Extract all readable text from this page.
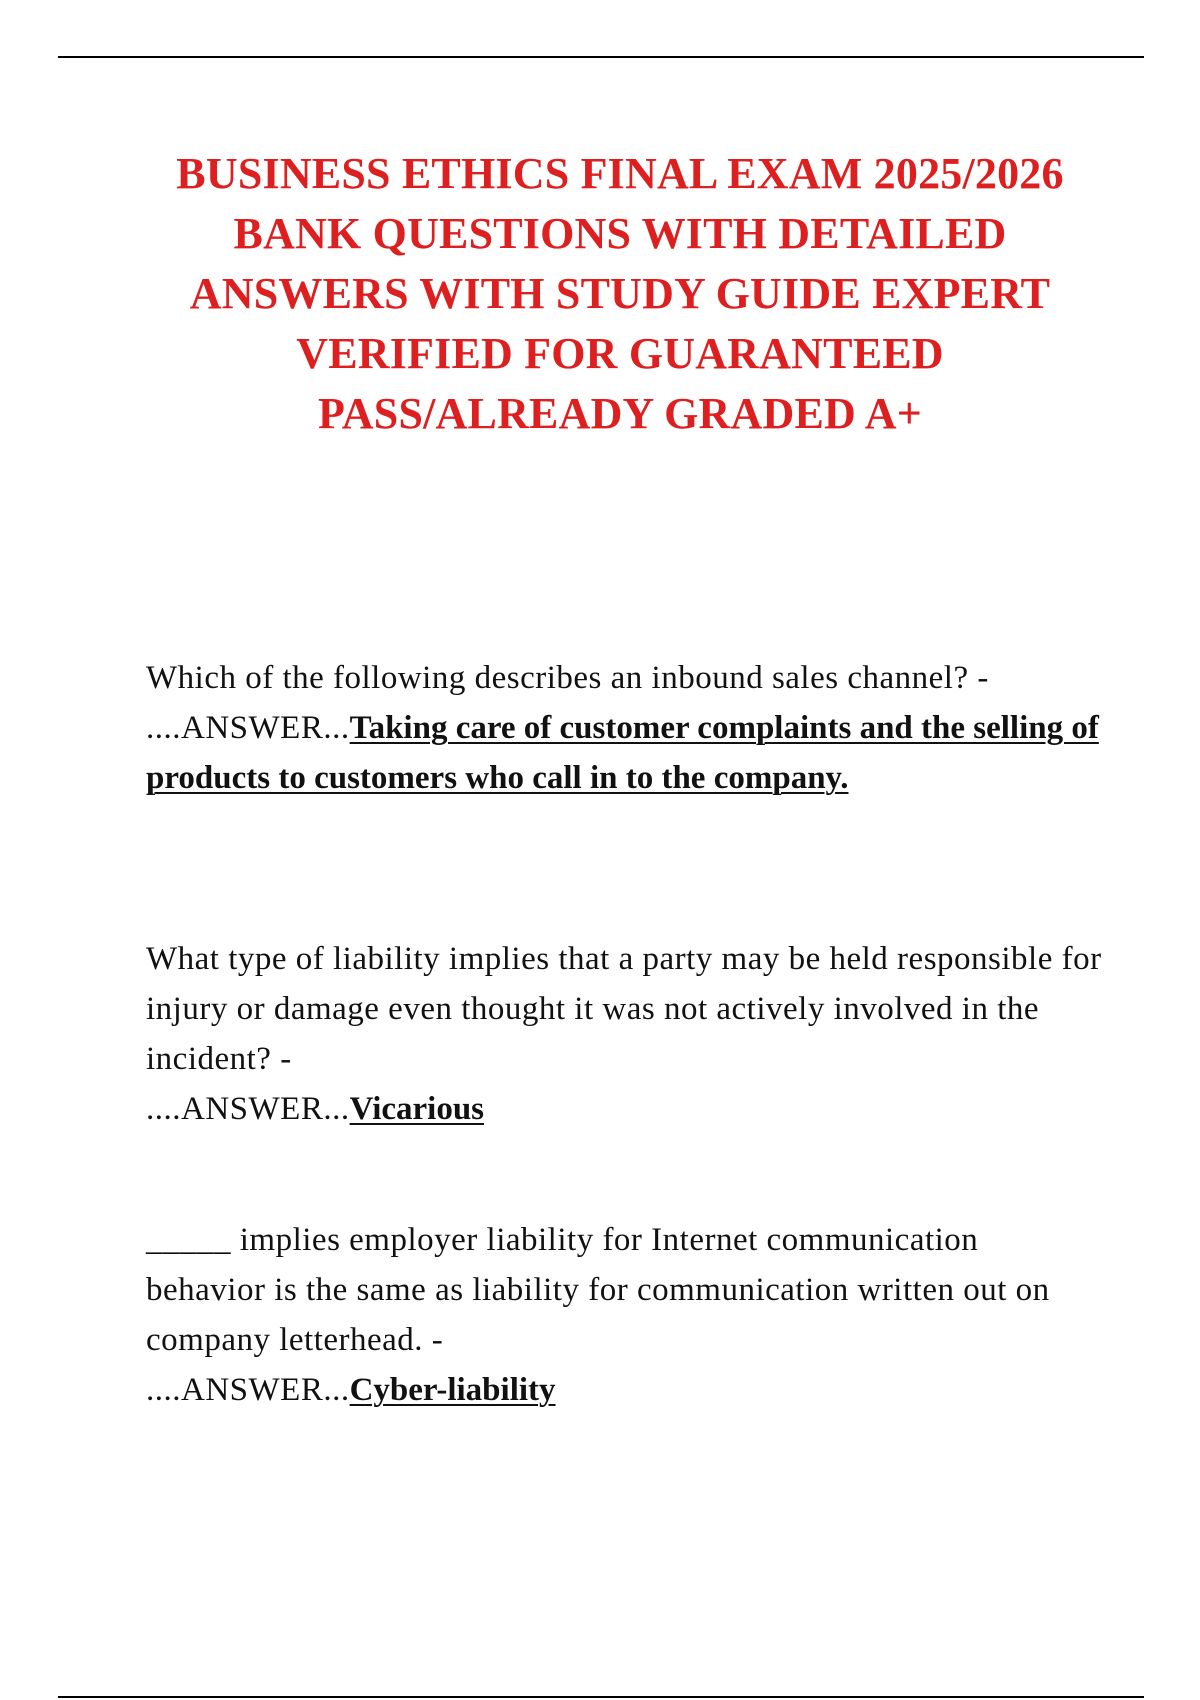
BUSINESS ETHICS FINAL EXAM 2025/2026 BANK QUESTIONS WITH DETAILED ANSWERS WITH STUDY GUIDE EXPERT VERIFIED FOR GUARANTEED PASS/ALREADY GRADED A+

Which of the following describes an inbound sales channel? - ....ANSWER...Taking care of customer complaints and the selling of products to customers who call in to the company.

What type of liability implies that a party may be held responsible for injury or damage even thought it was not actively involved in the incident? -
....ANSWER...Vicarious

_____ implies employer liability for Internet communication behavior is the same as liability for communication written out on company letterhead. -
....ANSWER...Cyber-liability
